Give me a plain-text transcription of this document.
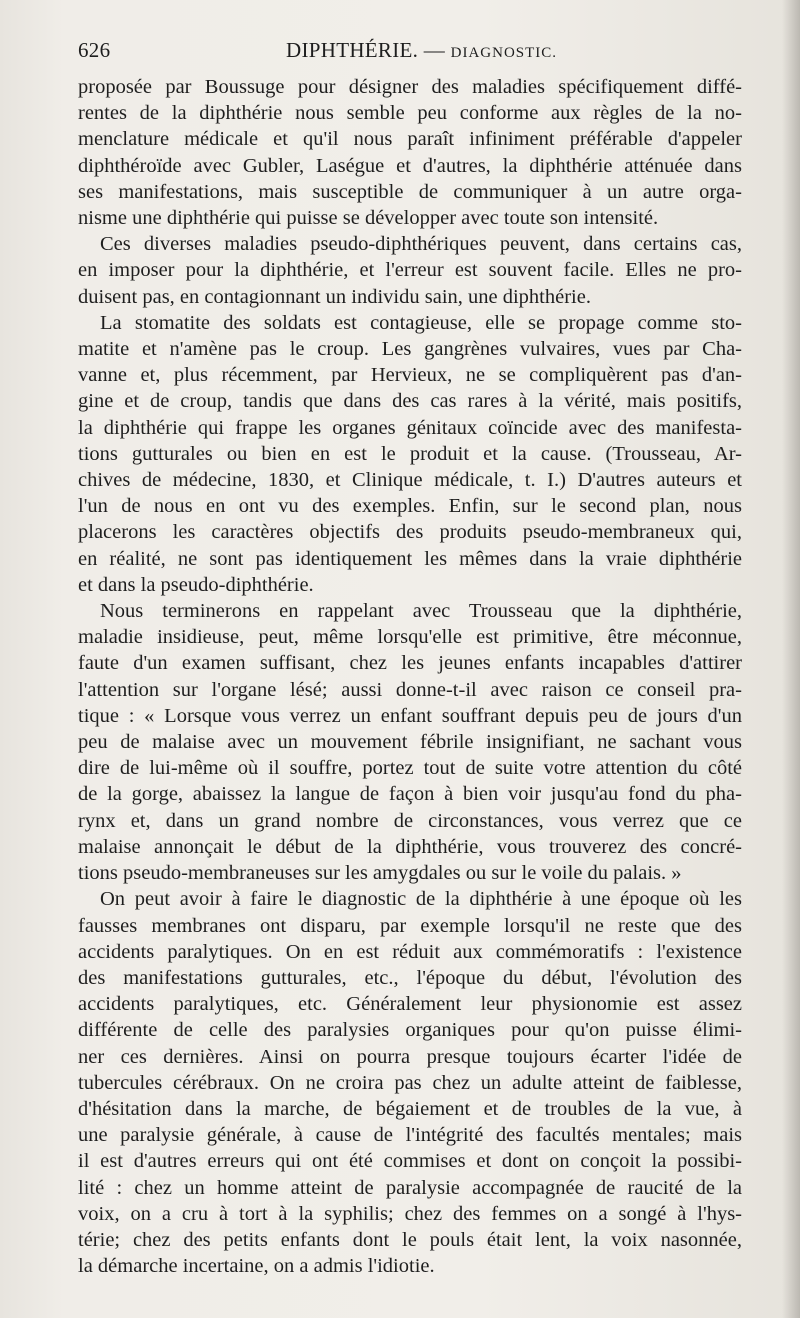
626	DIPHTHÉRIE. — DIAGNOSTIC.

proposée par Boussuge pour désigner des maladies spécifiquement diffé-
rentes de la diphthérie nous semble peu conforme aux règles de la no-
menclature médicale et qu'il nous paraît infiniment préférable d'appeler
diphthéroïde avec Gubler, Laségue et d'autres, la diphthérie atténuée dans
ses manifestations, mais susceptible de communiquer à un autre orga-
nisme une diphthérie qui puisse se développer avec toute son intensité.

Ces diverses maladies pseudo-diphthériques peuvent, dans certains cas,
en imposer pour la diphthérie, et l'erreur est souvent facile. Elles ne pro-
duisent pas, en contagionnant un individu sain, une diphthérie.

La stomatite des soldats est contagieuse, elle se propage comme sto-
matite et n'amène pas le croup. Les gangrènes vulvaires, vues par Cha-
vanne et, plus récemment, par Hervieux, ne se compliquèrent pas d'an-
gine et de croup, tandis que dans des cas rares à la vérité, mais positifs,
la diphthérie qui frappe les organes génitaux coïncide avec des manifesta-
tions gutturales ou bien en est le produit et la cause. (Trousseau, Ar-
chives de médecine, 1830, et Clinique médicale, t. I.) D'autres auteurs et
l'un de nous en ont vu des exemples. Enfin, sur le second plan, nous
placerons les caractères objectifs des produits pseudo-membraneux qui,
en réalité, ne sont pas identiquement les mêmes dans la vraie diphthérie
et dans la pseudo-diphthérie.

Nous terminerons en rappelant avec Trousseau que la diphthérie,
maladie insidieuse, peut, même lorsqu'elle est primitive, être méconnue,
faute d'un examen suffisant, chez les jeunes enfants incapables d'attirer
l'attention sur l'organe lésé; aussi donne-t-il avec raison ce conseil pra-
tique : « Lorsque vous verrez un enfant souffrant depuis peu de jours d'un
peu de malaise avec un mouvement fébrile insignifiant, ne sachant vous
dire de lui-même où il souffre, portez tout de suite votre attention du côté
de la gorge, abaissez la langue de façon à bien voir jusqu'au fond du pha-
rynx et, dans un grand nombre de circonstances, vous verrez que ce
malaise annonçait le début de la diphthérie, vous trouverez des concré-
tions pseudo-membraneuses sur les amygdales ou sur le voile du palais. »

On peut avoir à faire le diagnostic de la diphthérie à une époque où les
fausses membranes ont disparu, par exemple lorsqu'il ne reste que des
accidents paralytiques. On en est réduit aux commémoratifs : l'existence
des manifestations gutturales, etc., l'époque du début, l'évolution des
accidents paralytiques, etc. Généralement leur physionomie est assez
différente de celle des paralysies organiques pour qu'on puisse élimi-
ner ces dernières. Ainsi on pourra presque toujours écarter l'idée de
tubercules cérébraux. On ne croira pas chez un adulte atteint de faiblesse,
d'hésitation dans la marche, de bégaiement et de troubles de la vue, à
une paralysie générale, à cause de l'intégrité des facultés mentales; mais
il est d'autres erreurs qui ont été commises et dont on conçoit la possibi-
lité : chez un homme atteint de paralysie accompagnée de raucité de la
voix, on a cru à tort à la syphilis; chez des femmes on a songé à l'hys-
térie; chez des petits enfants dont le pouls était lent, la voix nasonnée,
la démarche incertaine, on a admis l'idiotie.
